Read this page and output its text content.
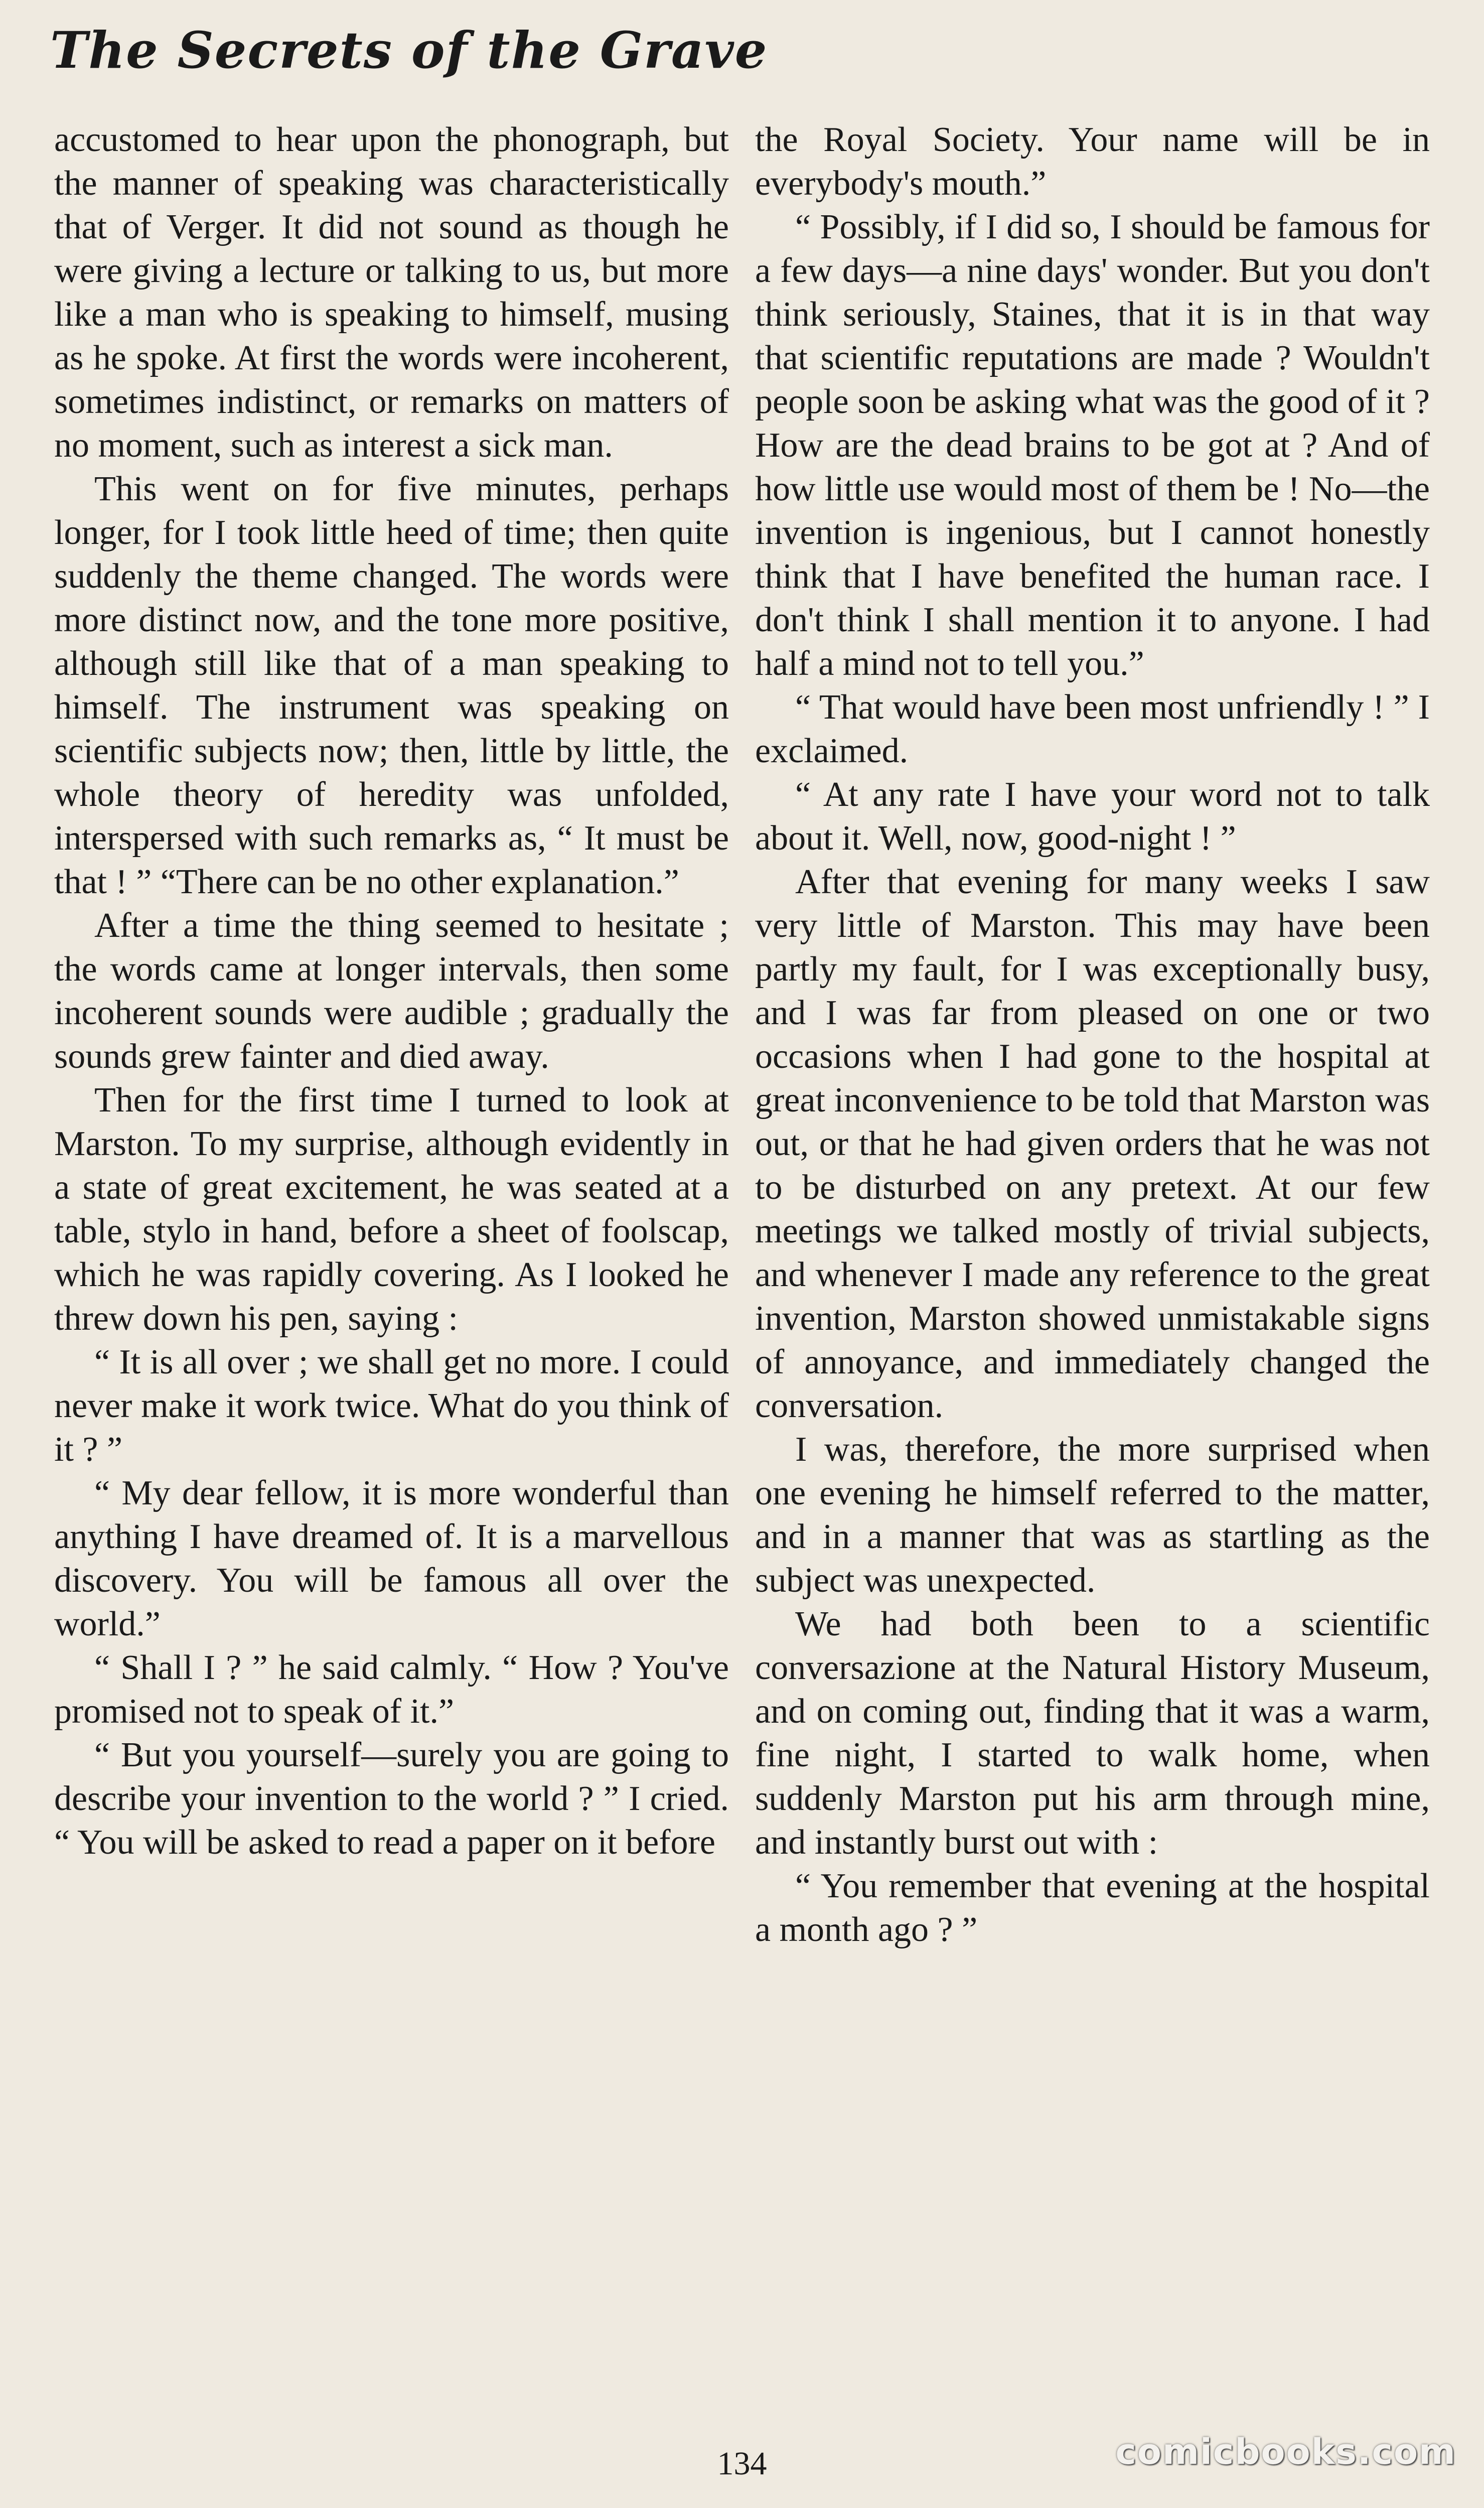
The Secrets of the Grave

accustomed to hear upon the phonograph, but the manner of speaking was characteristically that of Verger. It did not sound as though he were giving a lecture or talking to us, but more like a man who is speaking to himself, musing as he spoke. At first the words were incoherent, sometimes indistinct, or remarks on matters of no moment, such as interest a sick man.

This went on for five minutes, perhaps longer, for I took little heed of time; then quite suddenly the theme changed. The words were more distinct now, and the tone more positive, although still like that of a man speaking to himself. The instrument was speaking on scientific subjects now; then, little by little, the whole theory of heredity was unfolded, interspersed with such remarks as, “ It must be that ! ” “There can be no other explanation.”

After a time the thing seemed to hesitate ; the words came at longer intervals, then some incoherent sounds were audible ; gradually the sounds grew fainter and died away.

Then for the first time I turned to look at Marston. To my surprise, although evidently in a state of great excitement, he was seated at a table, stylo in hand, before a sheet of foolscap, which he was rapidly covering. As I looked he threw down his pen, saying :

“ It is all over ; we shall get no more. I could never make it work twice. What do you think of it ? ”

“ My dear fellow, it is more wonderful than anything I have dreamed of. It is a marvellous discovery. You will be famous all over the world.”

“ Shall I ? ” he said calmly. “ How ? You've promised not to speak of it.”

“ But you yourself—surely you are going to describe your invention to the world ? ” I cried. “ You will be asked to read a paper on it before

the Royal Society. Your name will be in everybody's mouth.”

“ Possibly, if I did so, I should be famous for a few days—a nine days' wonder. But you don't think seriously, Staines, that it is in that way that scientific reputations are made ? Wouldn't people soon be asking what was the good of it ? How are the dead brains to be got at ? And of how little use would most of them be ! No—the invention is ingenious, but I cannot honestly think that I have benefited the human race. I don't think I shall mention it to anyone. I had half a mind not to tell you.”

“ That would have been most unfriendly ! ” I exclaimed.

“ At any rate I have your word not to talk about it. Well, now, good-night ! ”

After that evening for many weeks I saw very little of Marston. This may have been partly my fault, for I was exceptionally busy, and I was far from pleased on one or two occasions when I had gone to the hospital at great inconvenience to be told that Marston was out, or that he had given orders that he was not to be disturbed on any pretext. At our few meetings we talked mostly of trivial subjects, and whenever I made any reference to the great invention, Marston showed unmistakable signs of annoyance, and immediately changed the conversation.

I was, therefore, the more surprised when one evening he himself referred to the matter, and in a manner that was as startling as the subject was unexpected.

We had both been to a scientific conversazione at the Natural History Museum, and on coming out, finding that it was a warm, fine night, I started to walk home, when suddenly Marston put his arm through mine, and instantly burst out with :

“ You remember that evening at the hospital a month ago ? ”

134	comicbooks.com
